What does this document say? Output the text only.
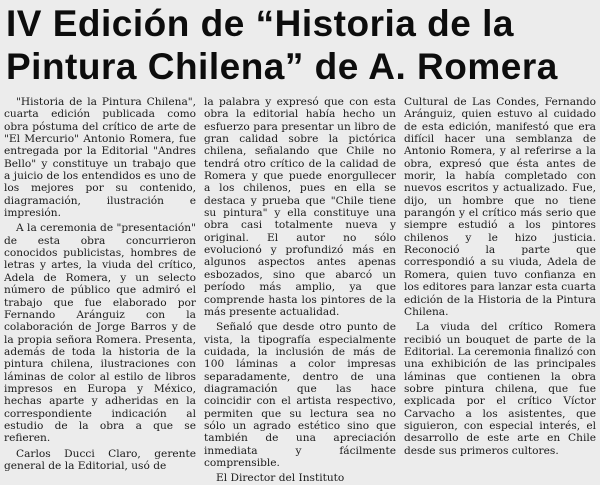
IV Edición de “Historia de la
Pintura Chilena” de A. Romera

"Historia de la Pintura Chilena", cuarta edición publicada como obra póstuma del crítico de arte de "El Mercurio" Antonio Romera, fue entregada por la Editorial "Andres Bello" y constituye un trabajo que a juicio de los entendidos es uno de los mejores por su contenido, diagramación, ilustración e impresión.

A la ceremonia de "presentación" de esta obra concurrieron conocidos publicistas, hombres de letras y artes, la viuda del crítico, Adela de Romera, y un selecto número de público que admiró el trabajo que fue elaborado por Fernando Aránguiz con la colaboración de Jorge Barros y de la propia señora Romera. Presenta, además de toda la historia de la pintura chilena, ilustraciones con láminas de color al estilo de libros impresos en Europa y México, hechas aparte y adheridas en la correspondiente indicación al estudio de la obra a que se refieren.

Carlos Ducci Claro, gerente general de la Editorial, usó de

la palabra y expresó que con esta obra la editorial había hecho un esfuerzo para presentar un libro de gran calidad sobre la pictórica chilena, señalando que Chile no tendrá otro crítico de la calidad de Romera y que puede enorgullecer a los chilenos, pues en ella se destaca y prueba que "Chile tiene su pintura" y ella constituye una obra casi totalmente nueva y original. El autor no sólo evolucionó y profundizó más en algunos aspectos antes apenas esbozados, sino que abarcó un período más amplio, ya que comprende hasta los pintores de la más presente actualidad.

Señaló que desde otro punto de vista, la tipografía especialmente cuidada, la inclusión de más de 100 láminas a color impresas separadamente, dentro de una diagramación que las hace coincidir con el artista respectivo, permiten que su lectura sea no sólo un agrado estético sino que también de una apreciación inmediata y fácilmente comprensible.

El Director del Instituto

Cultural de Las Condes, Fernando Aránguiz, quien estuvo al cuidado de esta edición, manifestó que era difícil hacer una semblanza de Antonio Romera, y al referirse a la obra, expresó que ésta antes de morir, la había completado con nuevos escritos y actualizado. Fue, dijo, un hombre que no tiene parangón y el crítico más serio que siempre estudió a los pintores chilenos y le hizo justicia. Reconoció la parte que correspondió a su viuda, Adela de Romera, quien tuvo confianza en los editores para lanzar esta cuarta edición de la Historia de la Pintura Chilena.

La viuda del crítico Romera recibió un bouquet de parte de la Editorial. La ceremonia finalizó con una exhibición de las principales láminas que contienen la obra sobre pintura chilena, que fue explicada por el crítico Víctor Carvacho a los asistentes, que siguieron, con especial interés, el desarrollo de este arte en Chile desde sus primeros cultores.
